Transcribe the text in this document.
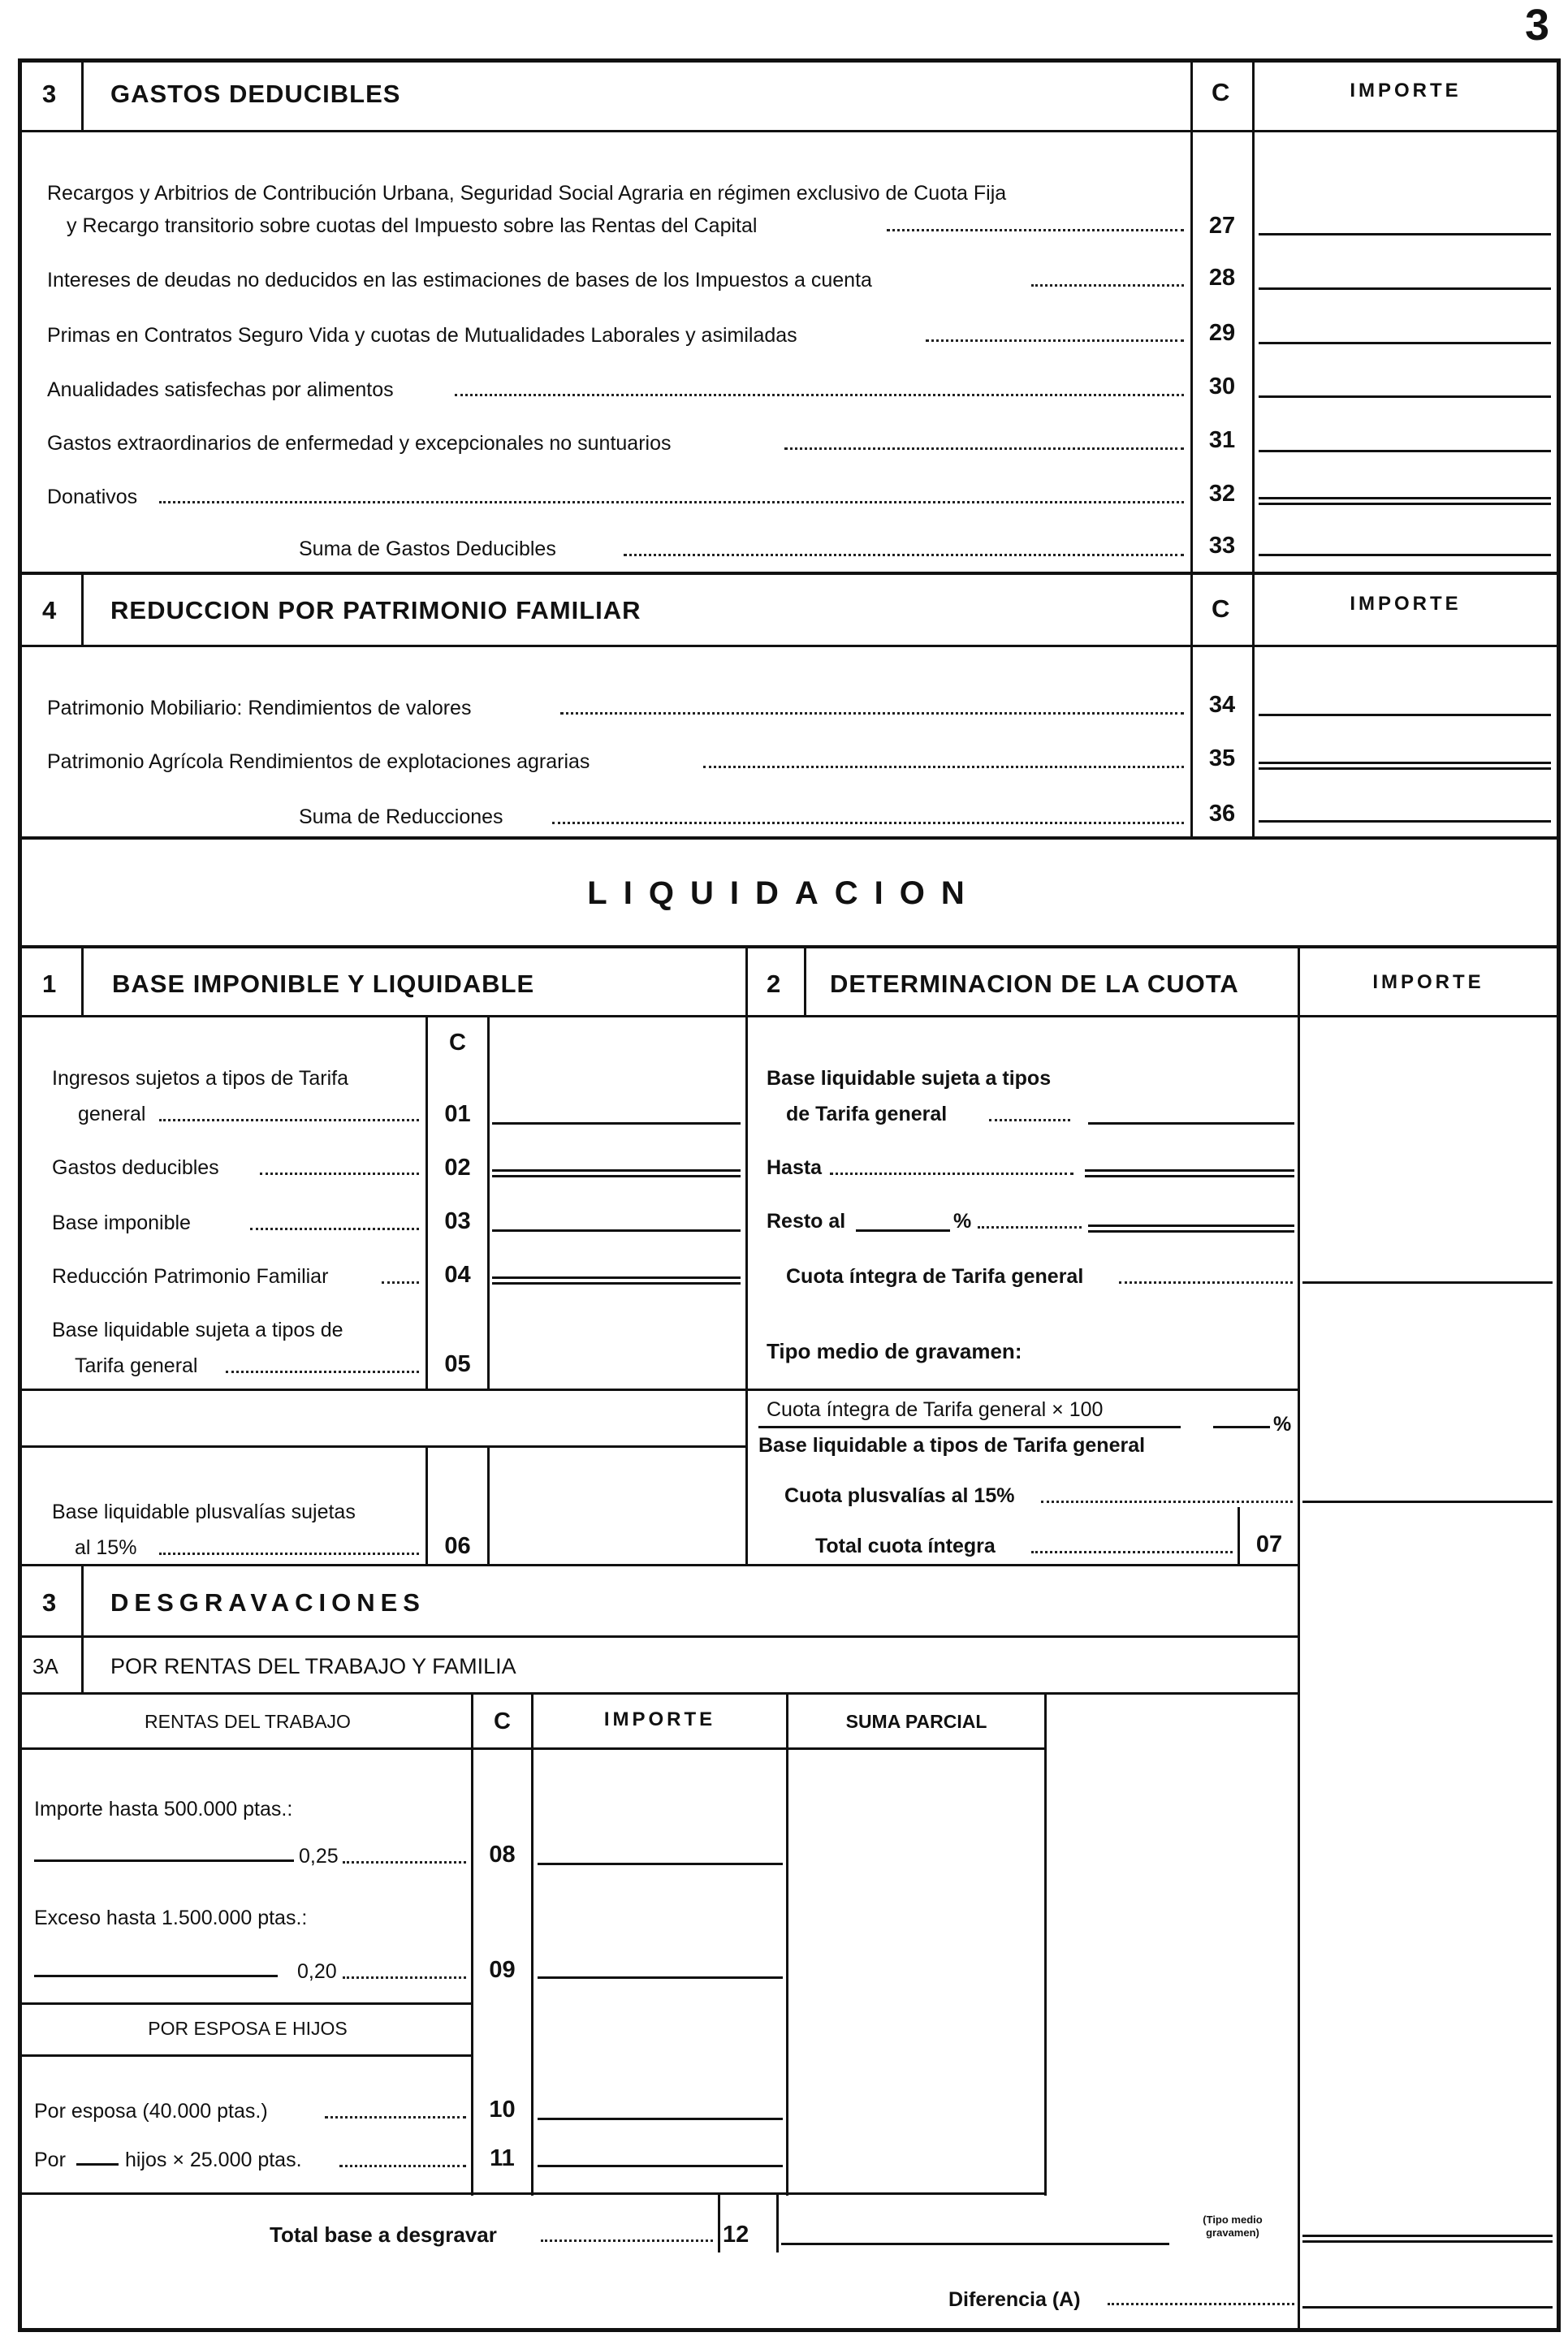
3
3 GASTOS DEDUCIBLES	C	IMPORTE
Recargos y Arbitrios de Contribución Urbana, Seguridad Social Agraria en régimen exclusivo de Cuota Fija
y Recargo transitorio sobre cuotas del Impuesto sobre las Rentas del Capital	27
Intereses de deudas no deducidos en las estimaciones de bases de los Impuestos a cuenta	28
Primas en Contratos Seguro Vida y cuotas de Mutualidades Laborales y asimiladas	29
Anualidades satisfechas por alimentos	30
Gastos extraordinarios de enfermedad y excepcionales no suntuarios	31
Donativos	32
Suma de Gastos Deducibles	33
4 REDUCCION POR PATRIMONIO FAMILIAR	C	IMPORTE
Patrimonio Mobiliario: Rendimientos de valores	34
Patrimonio Agrícola Rendimientos de explotaciones agrarias	35
Suma de Reducciones	36
LIQUIDACION
1 BASE IMPONIBLE Y LIQUIDABLE	2 DETERMINACION DE LA CUOTA	IMPORTE
C
Ingresos sujetos a tipos de Tarifa
general	01
Gastos deducibles	02
Base imponible	03
Reducción Patrimonio Familiar	04
Base liquidable sujeta a tipos de
Tarifa general	05
Base liquidable plusvalías sujetas
al 15%	06
Base liquidable sujeta a tipos
de Tarifa general
Hasta
Resto al	%
Cuota íntegra de Tarifa general
Tipo medio de gravamen:
Cuota íntegra de Tarifa general × 100
Base liquidable a tipos de Tarifa general
%
Cuota plusvalías al 15%
Total cuota íntegra	07
3 DESGRAVACIONES
3A POR RENTAS DEL TRABAJO Y FAMILIA
RENTAS DEL TRABAJO	C	IMPORTE	SUMA PARCIAL
Importe hasta 500.000 ptas.:
0,25	08
Exceso hasta 1.500.000 ptas.:
0,20	09
POR ESPOSA E HIJOS
Por esposa (40.000 ptas.)	10
Por	hijos × 25.000 ptas.	11
Total base a desgravar	12
(Tipo medio
gravamen)
Diferencia (A)
